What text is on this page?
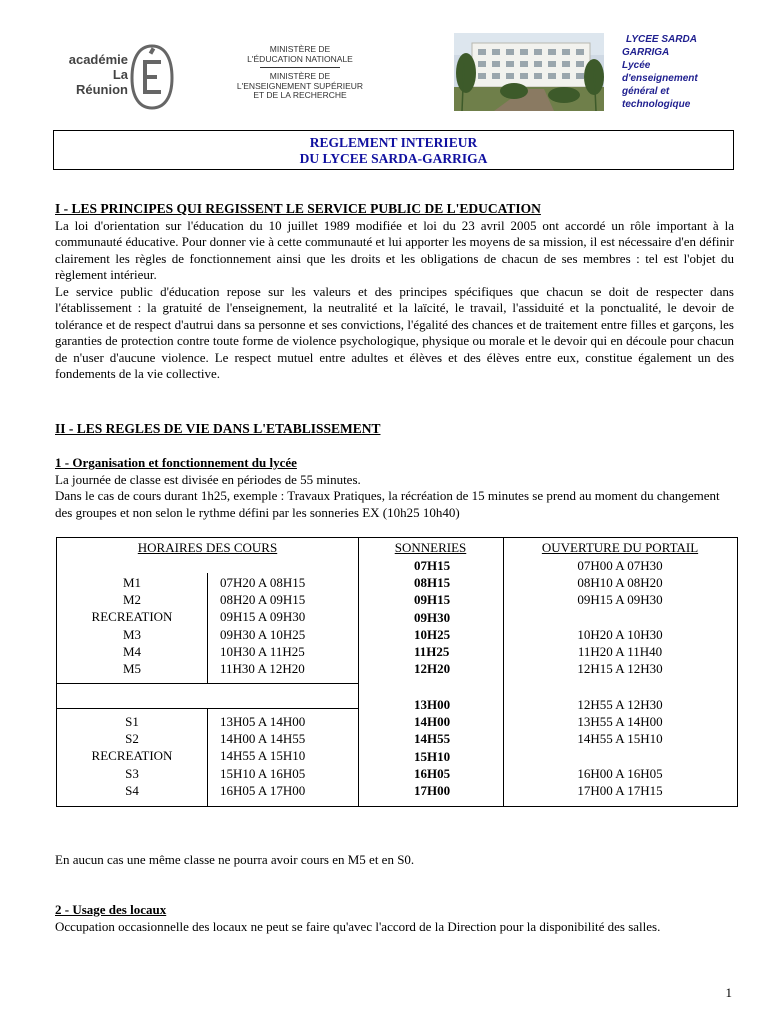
académie
La Réunion
MINISTÈRE DE
L'ÉDUCATION NATIONALE
MINISTÈRE DE
L'ENSEIGNEMENT SUPÉRIEUR
ET DE LA RECHERCHE
LYCEE SARDA
GARRIGA
Lycée
d'enseignement
général et
technologique
REGLEMENT INTERIEUR
DU LYCEE SARDA-GARRIGA
I - LES PRINCIPES QUI REGISSENT LE SERVICE PUBLIC DE L'EDUCATION

La loi d'orientation sur l'éducation du 10 juillet 1989 modifiée et loi du 23 avril 2005 ont accordé un rôle important à la communauté éducative. Pour donner vie à cette communauté et lui apporter les moyens de sa mission, il est nécessaire d'en définir clairement les règles de fonctionnement ainsi que les droits et les obligations de chacun de ses membres : tel est l'objet du règlement intérieur.

Le service public d'éducation repose sur les valeurs et des principes spécifiques que chacun se doit de respecter dans l'établissement : la gratuité de l'enseignement, la neutralité et la laïcité, le travail, l'assiduité et la ponctualité, le devoir de tolérance et de respect d'autrui dans sa personne et ses convictions, l'égalité des chances et de traitement entre filles et garçons, les garanties de protection contre toute forme de violence psychologique, physique ou morale et le devoir qui en découle pour chacun de n'user d'aucune violence. Le respect mutuel entre adultes et élèves et des élèves entre eux, constitue également un des fondements de la vie collective.

II - LES REGLES DE VIE DANS L'ETABLISSEMENT
1 - Organisation et fonctionnement du lycée

La journée de classe est divisée en périodes de 55 minutes.

Dans le cas de cours durant 1h25, exemple : Travaux Pratiques, la récréation de 15 minutes se prend au moment du changement des groupes et non selon le rythme défini par les sonneries EX (10h25 10h40)

HORAIRES DES COURS	SONNERIES	OUVERTURE DU PORTAIL
M1
M2
RECREATION
M3
M4
M5
07H20 A 08H15
08H20 A 09H15
09H15 A 09H30
09H30 A 10H25
10H30 A 11H25
11H30 A 12H20
07H15
08H15
09H15
09H30
10H25
11H25
12H20
07H00 A 07H30
08H10 A 08H20
09H15 A 09H30
10H20 A 10H30
11H20 A 11H40
12H15 A 12H30
S1
S2
RECREATION
S3
S4
13H05 A 14H00
14H00 A 14H55
14H55 A 15H10
15H10 A 16H05
16H05 A 17H00
13H00
14H00
14H55
15H10
16H05
17H00
12H55 A 12H30
13H55 A 14H00
14H55 A 15H10
16H00 A 16H05
17H00 A 17H15
En aucun cas une même classe ne pourra avoir cours en M5 et en S0.
2 - Usage des locaux

Occupation occasionnelle des locaux ne peut se faire qu'avec l'accord de la Direction pour la disponibilité des salles.

1
